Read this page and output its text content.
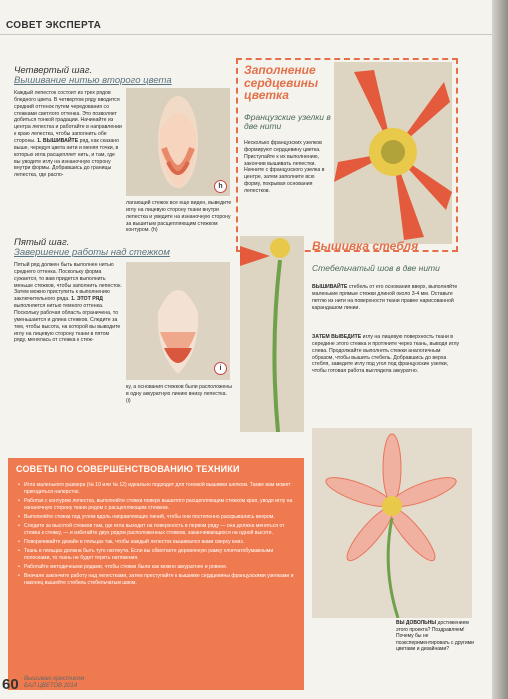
СОВЕТ ЭКСПЕРТА
Четвертый шаг.
Вышивание нитью второго цвета
Каждый лепесток состоит из трех рядов бледного цвета. В четвертом ряду вводится средний оттенок путем чередования со стежками светлого оттенка. Это позволяет добиться тонкой градации. Начинайте из центра лепестка и работайте в направлении к краю лепестка, чтобы заполнить обе стороны. 1. ВЫШИВАЙТЕ ряд, как сказано выше, чередуя цвета нити и меняя точки, в которых игла расщепляет нить, и там, где вы уводите иглу на изнаночную сторону внутри формы. Добравшись до границы лепестка, где распо-
h
лагающий стежок все еще виден, выведите иглу на лицевую сторону ткани внутри лепестка и уведите на изнаночную сторону за вышитым расщепляющим стежком контуром. (h)
Пятый шаг.
Завершение работы над стежком
Пятый ряд должен быть выполнен нитью среднего оттенка. Поскольку форма сужается, то вам придется выполнить меньше стежков, чтобы заполнить лепесток. Затем можно приступить к выполнению заключительного ряда. 1. ЭТОТ РЯД выполняется нитью темного оттенка. Поскольку рабочая область ограничена, то уменьшается и длина стежков. Следите за тем, чтобы высота, на которой вы выводите иглу на лицевую сторону ткани в пятом ряду, менялась от стежка к стеж-
i
ку, а основания стежков были расположены в одну аккуратную линию внизу лепестка. (i)
Заполнение сердцевины цветка
Французские узелки в две нити
Несколько французских узелков формируют сердцевину цветка. Приступайте к их выполнению, закончив вышивать лепестки. Начните с французского узелка в центре, затем заполните всю форму, покрывая основания лепестков.
Вышивка стебля
Стебельчатый шов в две нити
ВЫШИВАЙТЕ стебель от его основания вверх, выполняйте маленькие прямые стежки длиной около 3-4 мм. Оставьте петлю из нити на поверхности ткани правее нарисованной карандашом линии.
ЗАТЕМ ВЫВЕДИТЕ иглу на лицевую поверхность ткани в середине этого стежка и протяните через ткань, выводя иглу слева. Продолжайте выполнять стежки аналогичным образом, чтобы вышить стебель. Добравшись до верха стебля, заведите иглу под угол под французские узелки, чтобы готовая работа выглядела аккуратно.
СОВЕТЫ ПО СОВЕРШЕНСТВОВАНИЮ ТЕХНИКИ
• Игла маленького размера (№ 10 или № 12) идеально подходит для тоновой вышивки шелком. Также вам может пригодиться наперсток.
• Работая с контуром лепестка, выполняйте стежки поверх вышитого расщепляющим стежком края, уводя иглу на изнаночную сторону ткани рядом с расщепляющим стежком.
• Выполняйте стежки под углом вдоль направляющих линий, чтобы они постепенно раскрывались веером.
• Следите за высотой стежков там, где игла выходит на поверхность в первом ряду — она должна меняться от стежка к стежку, — и избегайте двух рядом расположенных стежков, заканчивающихся на одной высоте.
• Поворачивайте дизайн в пяльцах так, чтобы каждый лепесток вышивался вами сверху вниз.
• Ткань в пяльцах должна быть туго натянута. Если вы обмотаете деревянную рамку хлопчатобумажными полосками, то ткань не будет терять натяжения.
• Работайте методичными рядами, чтобы стежки были как можно аккуратнее и ровнее.
• Вначале закончите работу над лепестками, затем преступайте к вышивке сердцевины французскими узелками и наконец вышейте стебель стебельчатым швом.
ВЫ ДОВОЛЬНЫ достижением этого проекта? Поздравляем! Почему бы не поэкспериментировать с другими цветами и дизайнами?
60 Вышиваю крестиком
БАЛ ЦВЕТОВ 2014
